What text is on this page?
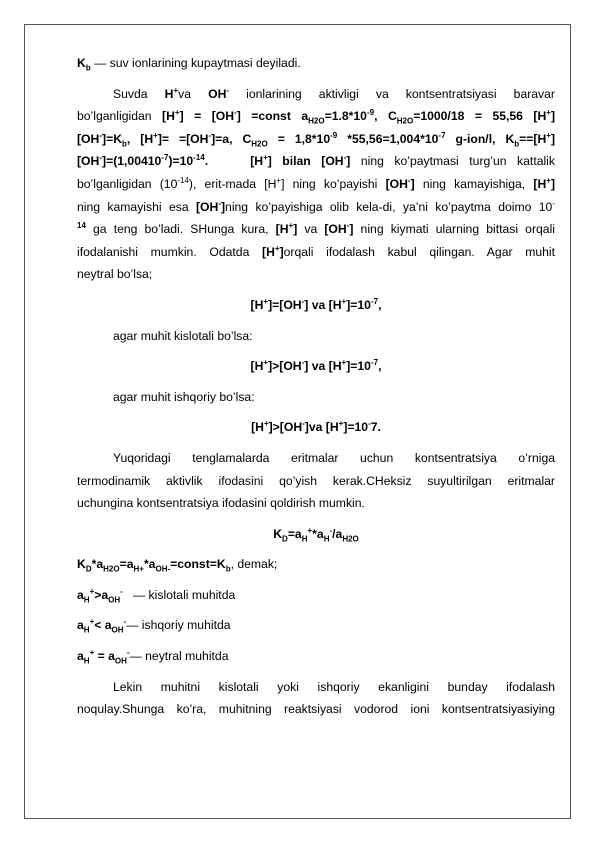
$K_b$ — suv ionlarining kupaytmasi deyiladi.
Suvda H+va OH- ionlarining aktivligi va kontsentratsiyasi baravar
bo’lganligidan [H+] = [OH-] =const $a_{H2O}=1.8*10^{-9}$, $C_{H2O}=1000/18 = 55,56$ [H+]
$[OH^-]=K_b$, [H+]= =[OH-]=a, $C_{H2O} = 1,8*10^{-9}$ $*55,56=1,004*10^{-7}$ g-ion/l, $K_b==[H^+]$
$[OH^-]=(1,00410^{-7})=10^{-14}$.	[H+] bilan [OH-] ning ko’paytmasi turg’un kattalik
bo’lganligidan $(10^{-14})$, erit-mada [H+] ning ko’payishi [OH-] ning kamayishiga, [H+]
ning kamayishi esa [OH-]ning ko’payishiga olib kela-di, ya’ni ko’paytma doimo 10-
$^{14}$ ga teng bo’ladi. SHunga kura, [H+] va [OH-] ning kiymati ularning bittasi orqali
ifodalanishi mumkin. Odatda [H+]orqali ifodalash kabul qilingan. Agar muhit
neytral bo’lsa;
[H+]=[OH-] va $[H^+]=10^{-7}$,
agar muhit kislotali bo’lsa:
[H+]>[OH-] va $[H^+]=10^{-7}$,
agar muhit ishqoriy bo’lsa:
[H+]>[OH-]va [H+]=10-7.
Yuqoridagi tenglamalarda eritmalar uchun kontsentratsiya o’rniga
termodinamik aktivlik ifodasini qo’yish kerak.CHeksiz suyultirilgan eritmalar
uchungina kontsentratsiya ifodasini qoldirish mumkin.
$K_D=a_H^+*a_H^-/a_{H2O}$
$K_D*a_{H2O}=a_{H+}*a_{OH-}=const=K_b$, demak;
$a_H^+>a_{OH}^-$   — kislotali muhitda
$a_H^+<$ $a_{OH}^-—$ ishqoriy muhitda
$a_H^+$ = $a_{OH}^-—$ neytral muhitda
Lekin muhitni kislotali yoki ishqoriy ekanligini bunday ifodalash
noqulay.Shunga ko’ra, muhitning reaktsiyasi vodorod ioni kontsentratsiyasiying
